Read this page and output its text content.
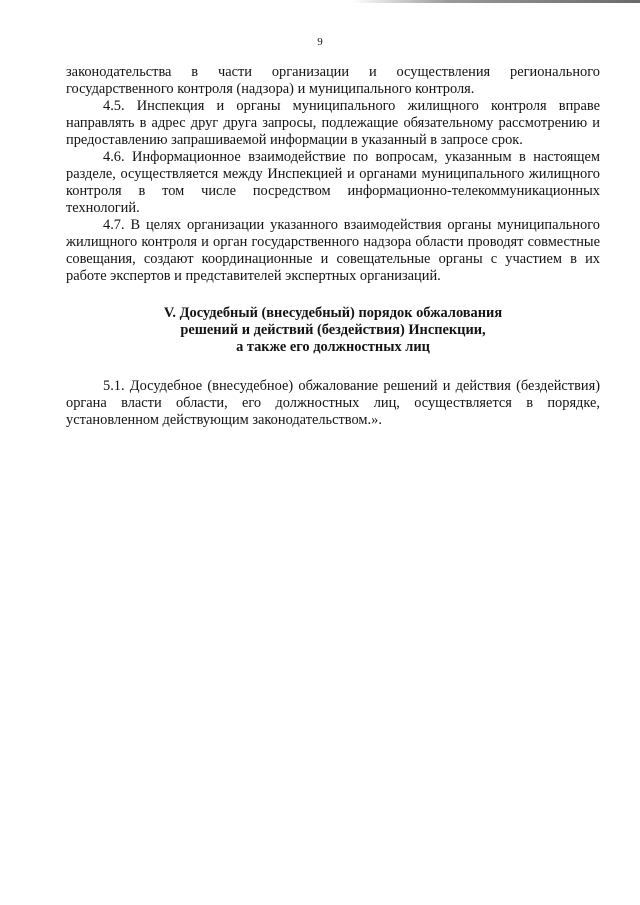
9

законодательства в части организации и осуществления регионального государственного контроля (надзора) и муниципального контроля.

4.5. Инспекция и органы муниципального жилищного контроля вправе направлять в адрес друг друга запросы, подлежащие обязательному рассмотрению и предоставлению запрашиваемой информации в указанный в запросе срок.

4.6. Информационное взаимодействие по вопросам, указанным в настоящем разделе, осуществляется между Инспекцией и органами муниципального жилищного контроля в том числе посредством информационно-телекоммуникационных технологий.

4.7. В целях организации указанного взаимодействия органы муниципального жилищного контроля и орган государственного надзора области проводят совместные совещания, создают координационные и совещательные органы с участием в их работе экспертов и представителей экспертных организаций.

V. Досудебный (внесудебный) порядок обжалования
решений и действий (бездействия) Инспекции,
а также его должностных лиц

5.1. Досудебное (внесудебное) обжалование решений и действия (бездействия) органа власти области, его должностных лиц, осуществляется в порядке, установленном действующим законодательством.».
